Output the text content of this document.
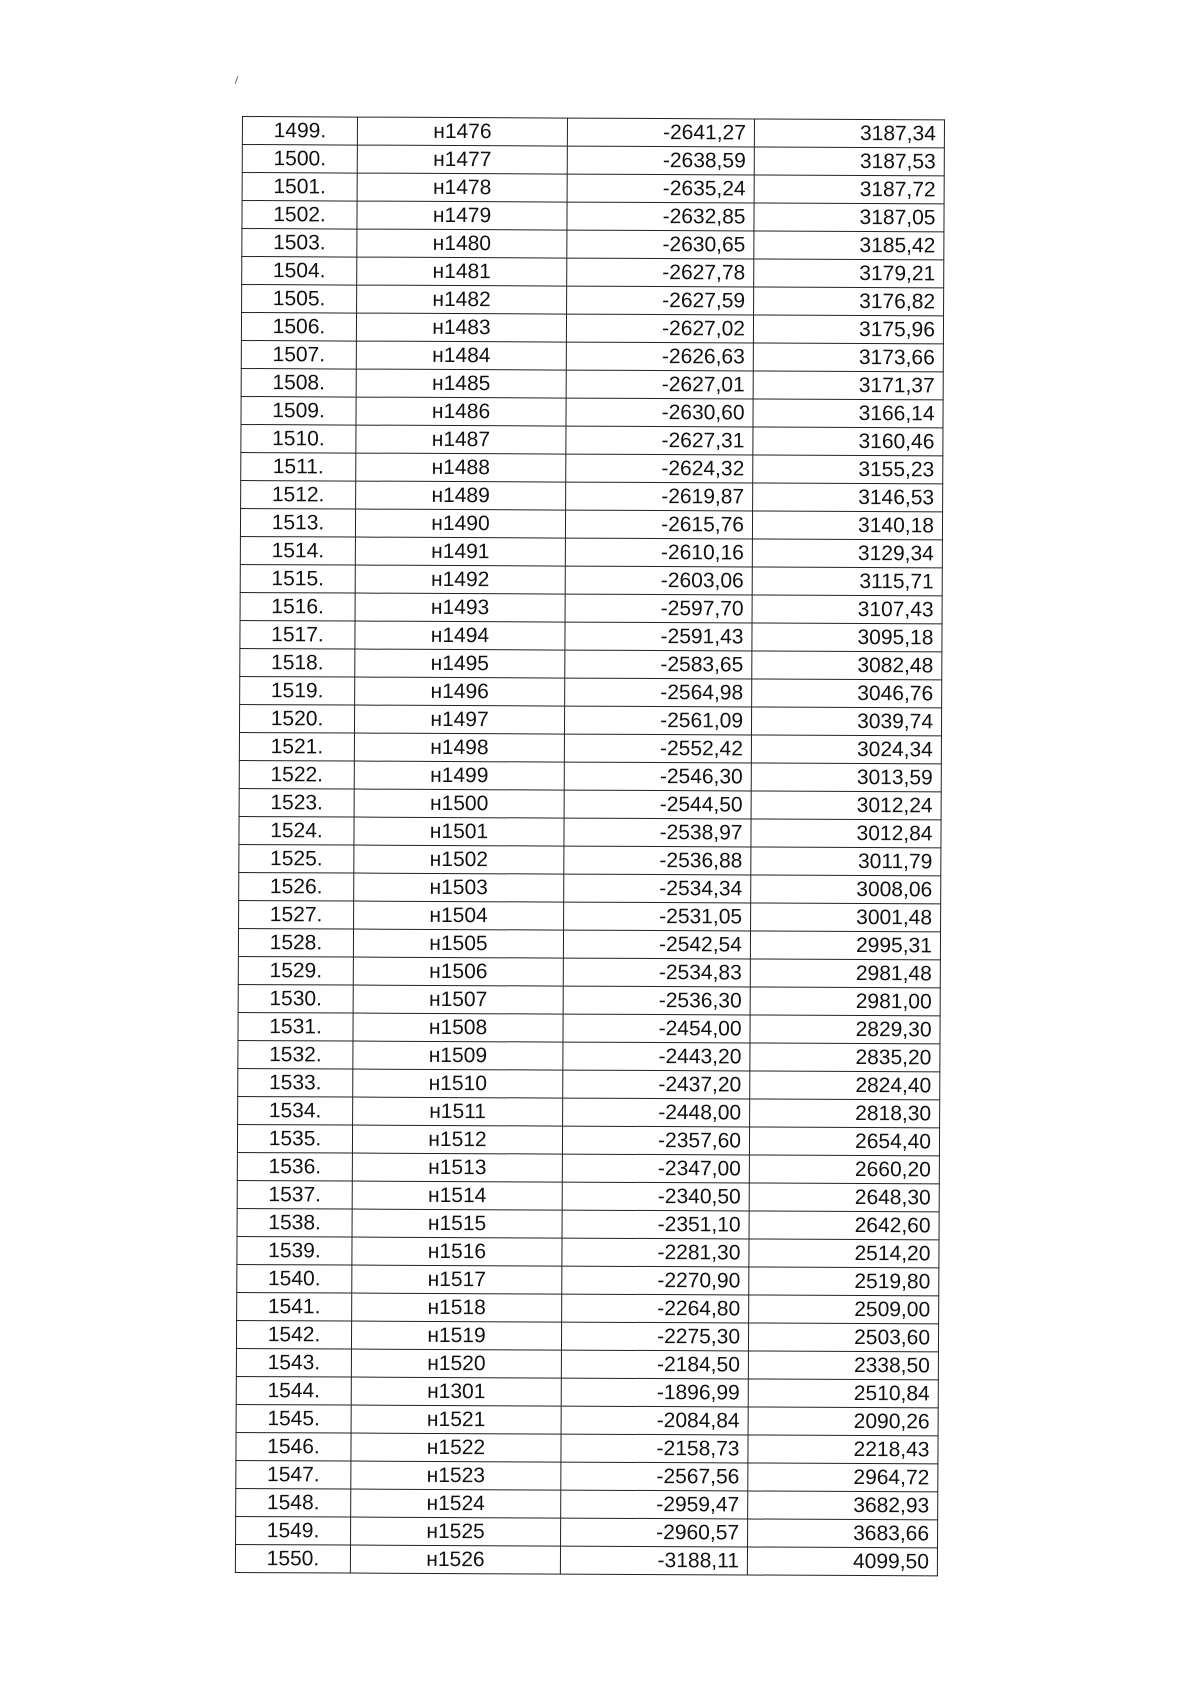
1499.	н1476	-2641,27	3187,34
1500.	н1477	-2638,59	3187,53
1501.	н1478	-2635,24	3187,72
1502.	н1479	-2632,85	3187,05
1503.	н1480	-2630,65	3185,42
1504.	н1481	-2627,78	3179,21
1505.	н1482	-2627,59	3176,82
1506.	н1483	-2627,02	3175,96
1507.	н1484	-2626,63	3173,66
1508.	н1485	-2627,01	3171,37
1509.	н1486	-2630,60	3166,14
1510.	н1487	-2627,31	3160,46
1511.	н1488	-2624,32	3155,23
1512.	н1489	-2619,87	3146,53
1513.	н1490	-2615,76	3140,18
1514.	н1491	-2610,16	3129,34
1515.	н1492	-2603,06	3115,71
1516.	н1493	-2597,70	3107,43
1517.	н1494	-2591,43	3095,18
1518.	н1495	-2583,65	3082,48
1519.	н1496	-2564,98	3046,76
1520.	н1497	-2561,09	3039,74
1521.	н1498	-2552,42	3024,34
1522.	н1499	-2546,30	3013,59
1523.	н1500	-2544,50	3012,24
1524.	н1501	-2538,97	3012,84
1525.	н1502	-2536,88	3011,79
1526.	н1503	-2534,34	3008,06
1527.	н1504	-2531,05	3001,48
1528.	н1505	-2542,54	2995,31
1529.	н1506	-2534,83	2981,48
1530.	н1507	-2536,30	2981,00
1531.	н1508	-2454,00	2829,30
1532.	н1509	-2443,20	2835,20
1533.	н1510	-2437,20	2824,40
1534.	н1511	-2448,00	2818,30
1535.	н1512	-2357,60	2654,40
1536.	н1513	-2347,00	2660,20
1537.	н1514	-2340,50	2648,30
1538.	н1515	-2351,10	2642,60
1539.	н1516	-2281,30	2514,20
1540.	н1517	-2270,90	2519,80
1541.	н1518	-2264,80	2509,00
1542.	н1519	-2275,30	2503,60
1543.	н1520	-2184,50	2338,50
1544.	н1301	-1896,99	2510,84
1545.	н1521	-2084,84	2090,26
1546.	н1522	-2158,73	2218,43
1547.	н1523	-2567,56	2964,72
1548.	н1524	-2959,47	3682,93
1549.	н1525	-2960,57	3683,66
1550.	н1526	-3188,11	4099,50
